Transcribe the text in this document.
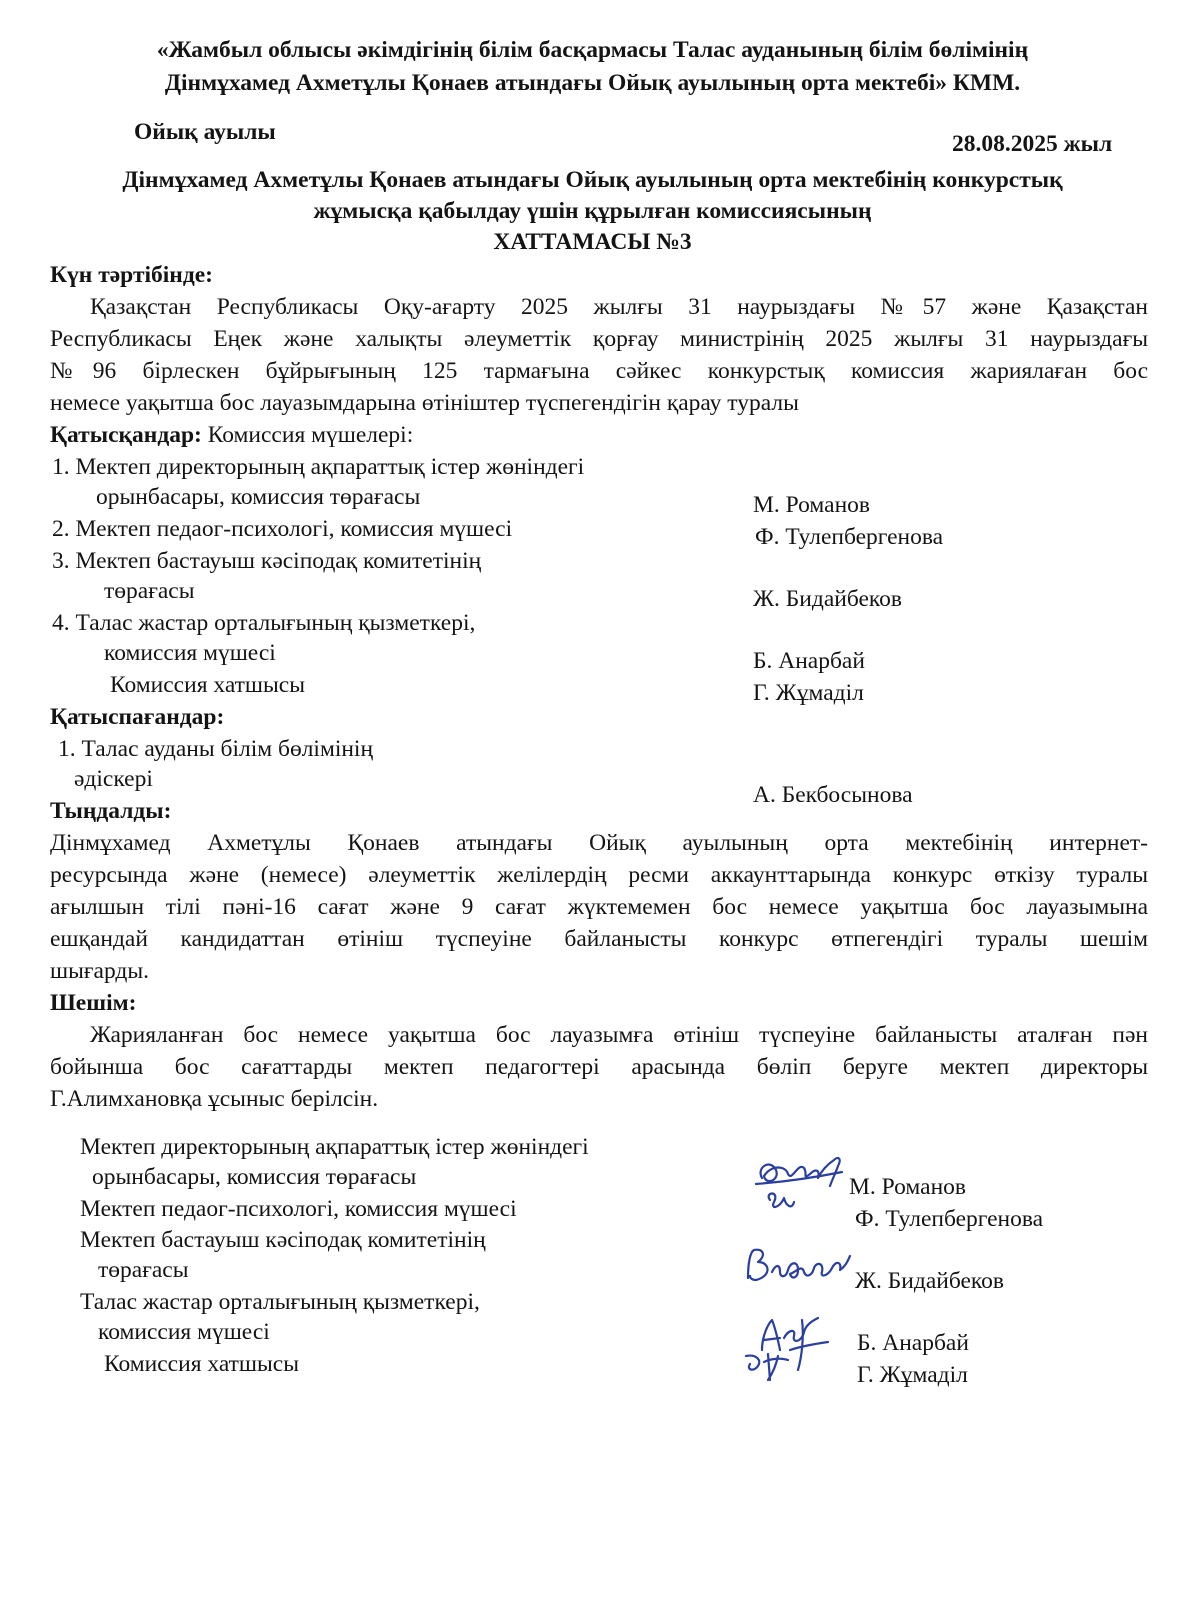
«Жамбыл облысы әкімдігінің білім басқармасы Талас ауданының білім бөлімінің
Дінмұхамед Ахметұлы Қонаев атындағы Ойық ауылының орта мектебі» КММ.
Ойық ауылы	28.08.2025 жыл
Дінмұхамед Ахметұлы Қонаев атындағы Ойық ауылының орта мектебінің конкурстық
жұмысқа қабылдау үшін құрылған комиссиясының
ХАТТАМАСЫ №3
Күн тәртібінде:
Қазақстан Республикасы Оқу-ағарту 2025 жылғы 31 наурыздағы №57 және Қазақстан
Республикасы Еңек және халықты әлеуметтік қорғау министрінің 2025 жылғы 31 наурыздағы
№96 бірлескен бұйрығының 125 тармағына сәйкес конкурстық комиссия жариялаған бос
немесе уақытша бос лауазымдарына өтініштер түспегендігін қарау туралы
Қатысқандар: Комиссия мүшелері:
1. Мектеп директорының ақпараттық істер жөніндегі
орынбасары, комиссия төрағасы
2. Мектеп педаог-психологі, комиссия мүшесі
3. Мектеп бастауыш кәсіподақ комитетінің
төрағасы
4. Талас жастар орталығының қызметкері,
комиссия мүшесі
Комиссия хатшысы
М. Романов
Ф. Тулепбергенова
Ж. Бидайбеков
Б. Анарбай
Г. Жұмаділ
Қатыспағандар:
1. Талас ауданы білім бөлімінің
әдіскері
А. Бекбосынова
Тыңдалды:
Дінмұхамед Ахметұлы Қонаев атындағы Ойық ауылының орта мектебінің интернет-
ресурсында және (немесе) әлеуметтік желілердің ресми аккаунттарында конкурс өткізу туралы
ағылшын тілі пәні-16 сағат және 9 сағат жүктемемен бос немесе уақытша бос лауазымына
ешқандай кандидаттан өтініш түспеуіне байланысты конкурс өтпегендігі туралы шешім
шығарды.
Шешім:
Жарияланған бос немесе уақытша бос лауазымға өтініш түспеуіне байланысты аталған пән
бойынша бос сағаттарды мектеп педагогтері арасында бөліп беруге мектеп директоры
Г.Алимхановқа ұсыныс берілсін.
Мектеп директорының ақпараттық істер жөніндегі
орынбасары, комиссия төрағасы
Мектеп педаог-психологі, комиссия мүшесі
Мектеп бастауыш кәсіподақ комитетінің
төрағасы
Талас жастар орталығының қызметкері,
комиссия мүшесі
Комиссия хатшысы
М. Романов
Ф. Тулепбергенова
Ж. Бидайбеков
Б. Анарбай
Г. Жұмаділ
